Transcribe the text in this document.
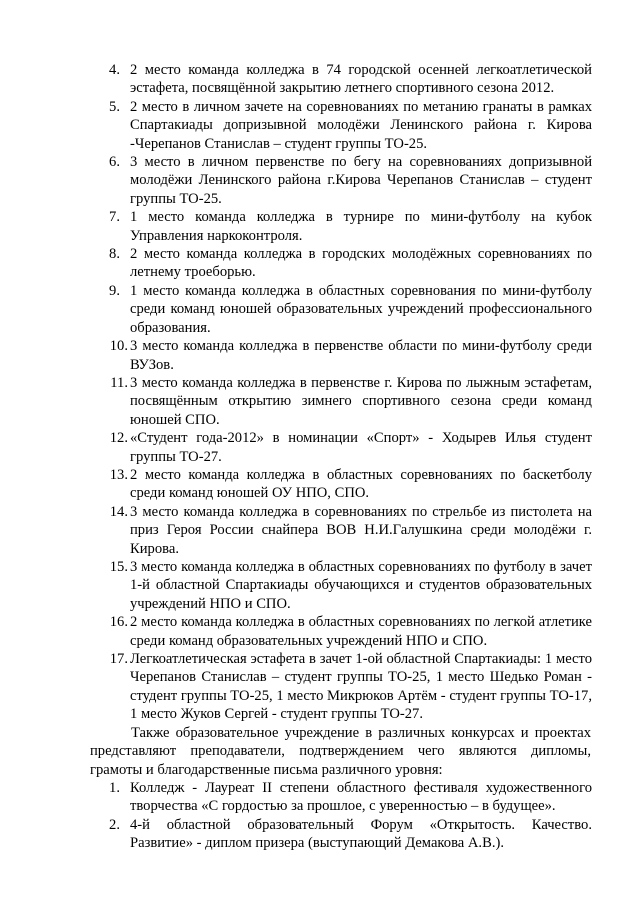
4. 2 место команда колледжа в 74 городской осенней легкоатлетической эстафета, посвящённой закрытию летнего спортивного сезона 2012.
5. 2 место в личном зачете на соревнованиях по метанию гранаты в рамках Спартакиады допризывной молодёжи Ленинского района г. Кирова -Черепанов Станислав – студент группы ТО-25.
6. 3 место в личном первенстве по бегу на соревнованиях допризывной молодёжи Ленинского района г.Кирова Черепанов Станислав – студент группы ТО-25.
7. 1 место команда колледжа в турнире по мини-футболу на кубок Управления наркоконтроля.
8. 2 место команда колледжа в городских молодёжных соревнованиях по летнему троеборью.
9. 1 место команда колледжа в областных соревнования по мини-футболу среди команд юношей образовательных учреждений профессионального образования.
10. 3 место команда колледжа в первенстве области по мини-футболу среди ВУЗов.
11. 3 место команда колледжа в первенстве г. Кирова по лыжным эстафетам, посвящённым открытию зимнего спортивного сезона среди команд юношей СПО.
12. «Студент года-2012» в номинации «Спорт» - Ходырев Илья студент группы ТО-27.
13. 2 место команда колледжа в областных соревнованиях по баскетболу среди команд юношей ОУ НПО, СПО.
14. 3 место команда колледжа в соревнованиях по стрельбе из пистолета на приз Героя России снайпера ВОВ Н.И.Галушкина среди молодёжи г. Кирова.
15. 3 место команда колледжа в областных соревнованиях по футболу в зачет 1-й областной Спартакиады обучающихся и студентов образовательных учреждений НПО и СПО.
16. 2 место команда колледжа в областных соревнованиях по легкой атлетике среди команд образовательных учреждений НПО и СПО.
17. Легкоатлетическая эстафета в зачет 1-ой областной Спартакиады: 1 место Черепанов Станислав – студент группы ТО-25, 1 место Шедько Роман - студент группы ТО-25, 1 место Микрюков Артём - студент группы ТО-17, 1 место Жуков Сергей - студент группы ТО-27.
Также образовательное учреждение в различных конкурсах и проектах представляют преподаватели, подтверждением чего являются дипломы, грамоты и благодарственные письма различного уровня:
1. Колледж - Лауреат II степени областного фестиваля художественного творчества «С гордостью за прошлое, с уверенностью – в будущее».
2. 4-й областной образовательный Форум «Открытость. Качество. Развитие» - диплом призера (выступающий Демакова А.В.).
